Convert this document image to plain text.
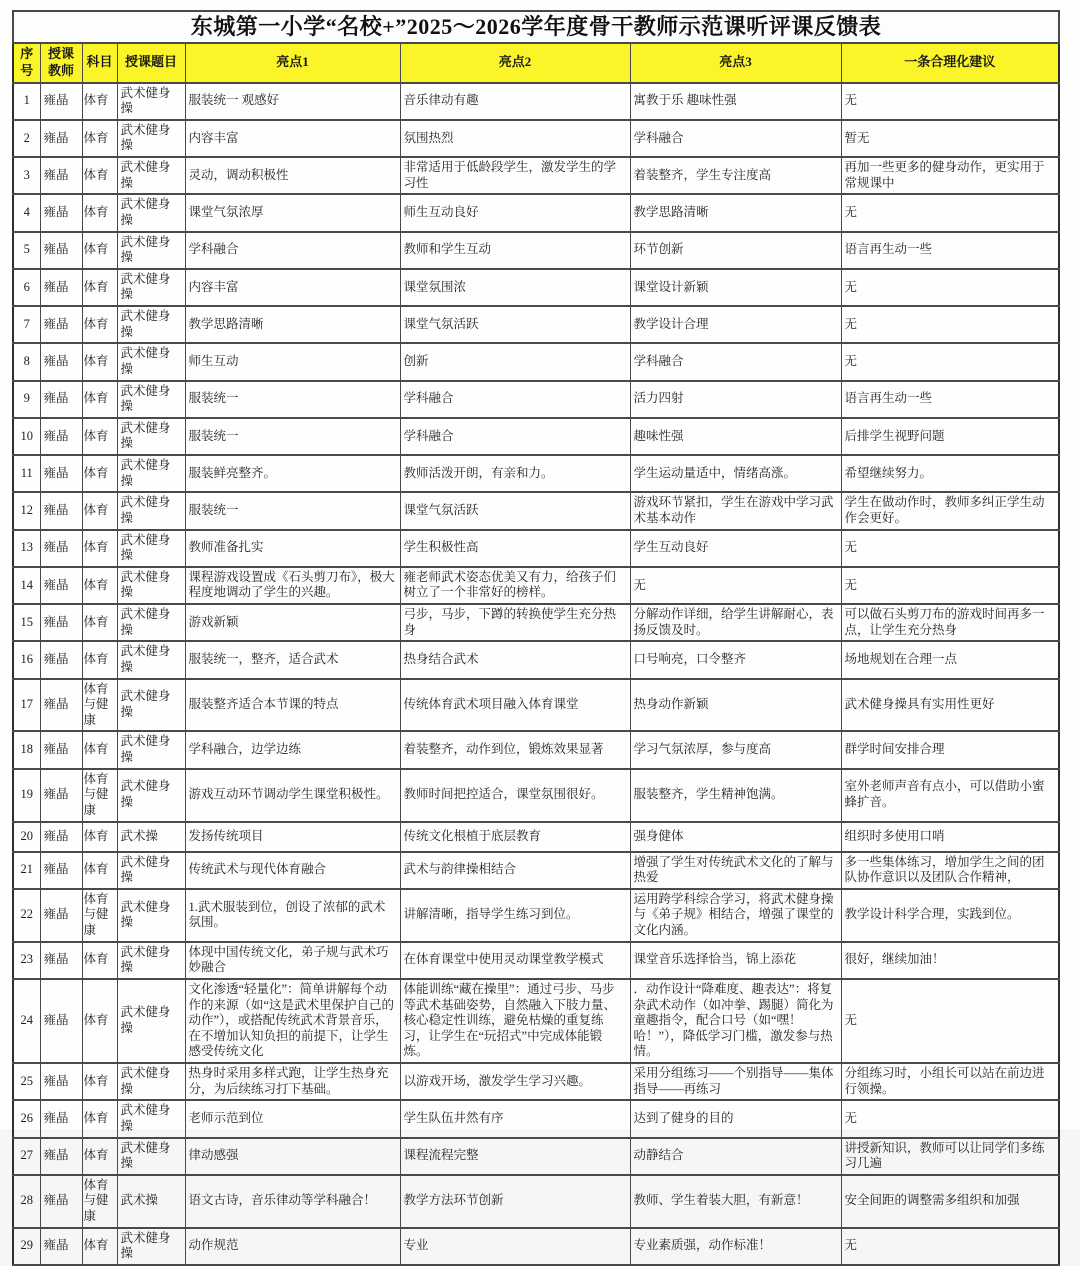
东城第一小学“名校+”2025～2026学年度骨干教师示范课听评课反馈表							
序号	授课教师	科目	授课题目	亮点1	亮点2	亮点3	一条合理化建议
1	雍晶	体育	武术健身操	服装统一 观感好	音乐律动有趣	寓教于乐 趣味性强	无
2	雍晶	体育	武术健身操	内容丰富	氛围热烈	学科融合	暂无
3	雍晶	体育	武术健身操	灵动，调动积极性	非常适用于低龄段学生，激发学生的学习性	着装整齐，学生专注度高	再加一些更多的健身动作，更实用于常规课中
4	雍晶	体育	武术健身操	课堂气氛浓厚	师生互动良好	教学思路清晰	无
5	雍晶	体育	武术健身操	学科融合	教师和学生互动	环节创新	语言再生动一些
6	雍晶	体育	武术健身操	内容丰富	课堂氛围浓	课堂设计新颖	无
7	雍晶	体育	武术健身操	教学思路清晰	课堂气氛活跃	教学设计合理	无
8	雍晶	体育	武术健身操	师生互动	创新	学科融合	无
9	雍晶	体育	武术健身操	服装统一	学科融合	活力四射	语言再生动一些
10	雍晶	体育	武术健身操	服装统一	学科融合	趣味性强	后排学生视野问题
11	雍晶	体育	武术健身操	服装鲜亮整齐。	教师活泼开朗，有亲和力。	学生运动量适中，情绪高涨。	希望继续努力。
12	雍晶	体育	武术健身操	服装统一	课堂气氛活跃	游戏环节紧扣，学生在游戏中学习武术基本动作	学生在做动作时，教师多纠正学生动作会更好。
13	雍晶	体育	武术健身操	教师准备扎实	学生积极性高	学生互动良好	无
14	雍晶	体育	武术健身操	课程游戏设置成《石头剪刀布》，极大程度地调动了学生的兴趣。	雍老师武术姿态优美又有力，给孩子们树立了一个非常好的榜样。	无	无
15	雍晶	体育	武术健身操	游戏新颖	弓步，马步，下蹲的转换使学生充分热身	分解动作详细，给学生讲解耐心，表扬反馈及时。	可以做石头剪刀布的游戏时间再多一点，让学生充分热身
16	雍晶	体育	武术健身操	服装统一，整齐，适合武术	热身结合武术	口号响亮，口令整齐	场地规划在合理一点
17	雍晶	体育与健康	武术健身操	服装整齐适合本节课的特点	传统体育武术项目融入体育课堂	热身动作新颖	武术健身操具有实用性更好
18	雍晶	体育	武术健身操	学科融合，边学边练	着装整齐，动作到位，锻炼效果显著	学习气氛浓厚，参与度高	群学时间安排合理
19	雍晶	体育与健康	武术健身操	游戏互动环节调动学生课堂积极性。	教师时间把控适合，课堂氛围很好。	服装整齐，学生精神饱满。	室外老师声音有点小，可以借助小蜜蜂扩音。
20	雍晶	体育	武术操	发扬传统项目	传统文化根植于底层教育	强身健体	组织时多使用口哨
21	雍晶	体育	武术健身操	传统武术与现代体育融合	武术与韵律操相结合	增强了学生对传统武术文化的了解与热爱	多一些集体练习，增加学生之间的团队协作意识以及团队合作精神，
22	雍晶	体育与健康	武术健身操	1.武术服装到位，创设了浓郁的武术氛围。	讲解清晰，指导学生练习到位。	运用跨学科综合学习，将武术健身操与《弟子规》相结合，增强了课堂的文化内涵。	教学设计科学合理，实践到位。
23	雍晶	体育	武术健身操	体现中国传统文化，弟子规与武术巧妙融合	在体育课堂中使用灵动课堂教学模式	课堂音乐选择恰当，锦上添花	很好，继续加油！
24	雍晶	体育	武术健身操	文化渗透“轻量化”：简单讲解每个动作的来源（如“这是武术里保护自己的动作”），或搭配传统武术背景音乐，在不增加认知负担的前提下，让学生感受传统文化	体能训练“藏在操里”：通过弓步、马步等武术基础姿势，自然融入下肢力量、核心稳定性训练，避免枯燥的重复练习，让学生在“玩招式”中完成体能锻炼。	．动作设计“降难度、趣表达”：将复杂武术动作（如冲拳、踢腿）简化为童趣指令，配合口号（如“嘿！哈！”），降低学习门槛，激发参与热情。	无
25	雍晶	体育	武术健身操	热身时采用多样式跑，让学生热身充分，为后续练习打下基础。	以游戏开场，激发学生学习兴趣。	采用分组练习——个别指导——集体指导——再练习	分组练习时，小组长可以站在前边进行领操。
26	雍晶	体育	武术健身操	老师示范到位	学生队伍井然有序	达到了健身的目的	无
27	雍晶	体育	武术健身操	律动感强	课程流程完整	动静结合	讲授新知识，教师可以让同学们多练习几遍
28	雍晶	体育与健康	武术操	语文古诗，音乐律动等学科融合！	教学方法环节创新	教师、学生着装大胆，有新意！	安全间距的调整需多组织和加强
29	雍晶	体育	武术健身操	动作规范	专业	专业素质强，动作标准！	无
